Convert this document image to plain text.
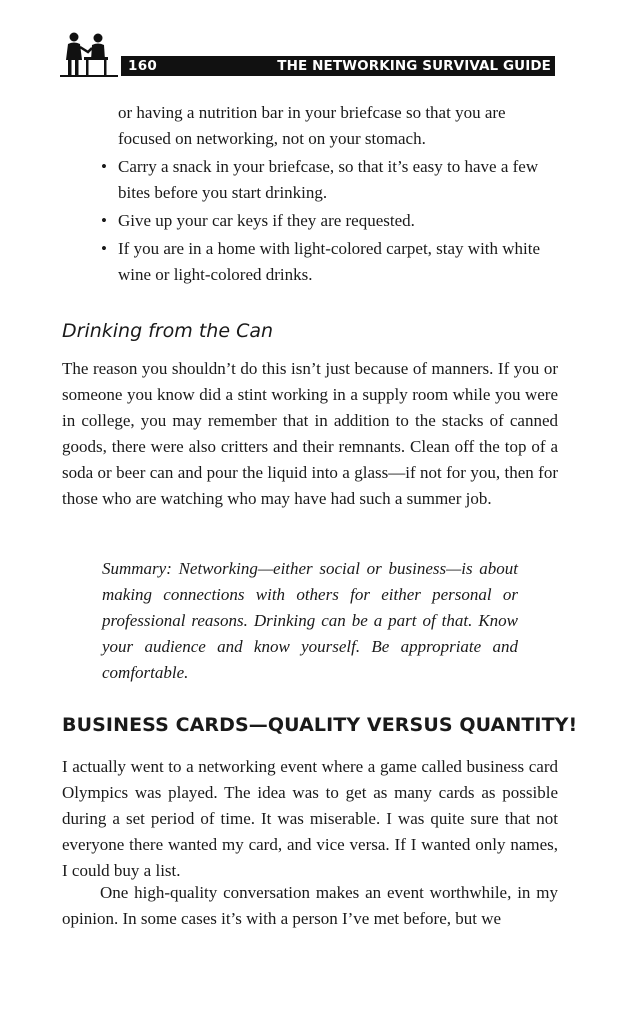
160	THE NETWORKING SURVIVAL GUIDE

or having a nutrition bar in your briefcase so that you are focused on networking, not on your stomach.

• Carry a snack in your briefcase, so that it’s easy to have a few bites before you start drinking.
• Give up your car keys if they are requested.
• If you are in a home with light-colored carpet, stay with white wine or light-colored drinks.
Drinking from the Can

The reason you shouldn’t do this isn’t just because of manners. If you or someone you know did a stint working in a supply room while you were in college, you may remember that in addition to the stacks of canned goods, there were also critters and their remnants. Clean off the top of a soda or beer can and pour the liquid into a glass—if not for you, then for those who are watching who may have had such a summer job.

Summary: Networking—either social or business—is about making connections with others for either personal or professional reasons. Drinking can be a part of that. Know your audience and know yourself. Be appropriate and comfortable.

BUSINESS CARDS—QUALITY VERSUS QUANTITY!

I actually went to a networking event where a game called business card Olympics was played. The idea was to get as many cards as possible during a set period of time. It was miserable. I was quite sure that not everyone there wanted my card, and vice versa. If I wanted only names, I could buy a list.

One high-quality conversation makes an event worthwhile, in my opinion. In some cases it’s with a person I’ve met before, but we
